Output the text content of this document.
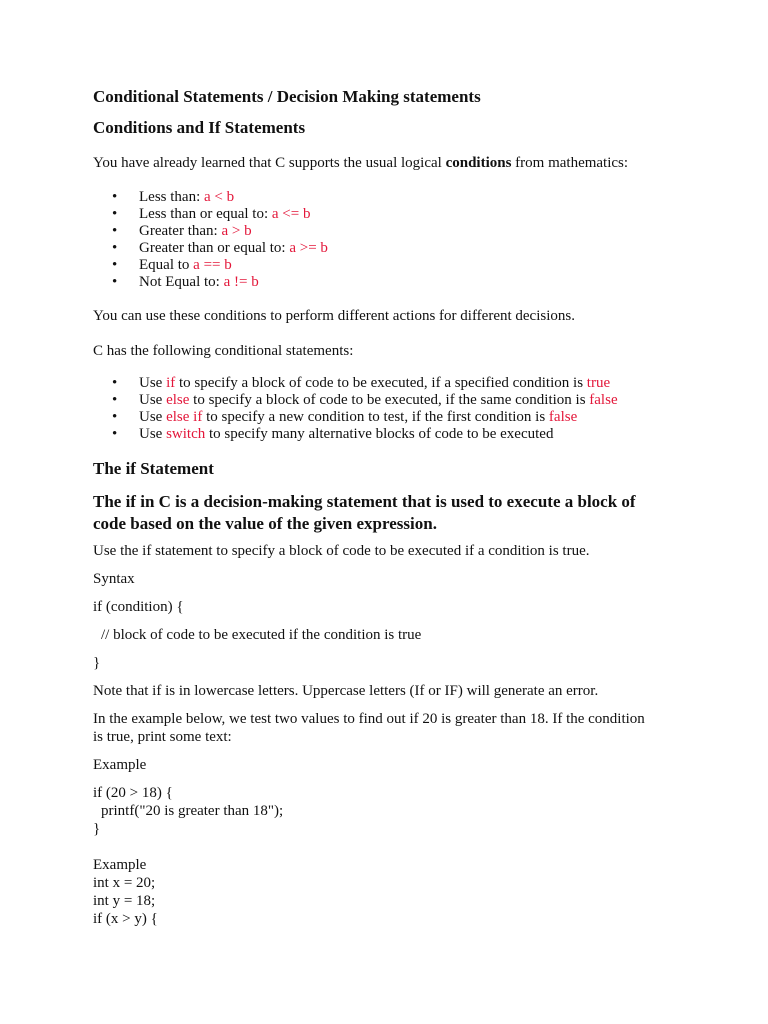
Conditional Statements / Decision Making statements
Conditions and If Statements
You have already learned that C supports the usual logical conditions from mathematics:
• Less than: a < b
• Less than or equal to: a <= b
• Greater than: a > b
• Greater than or equal to: a >= b
• Equal to a == b
• Not Equal to: a != b
You can use these conditions to perform different actions for different decisions.
C has the following conditional statements:
• Use if to specify a block of code to be executed, if a specified condition is true
• Use else to specify a block of code to be executed, if the same condition is false
• Use else if to specify a new condition to test, if the first condition is false
• Use switch to specify many alternative blocks of code to be executed
The if Statement
The if in C is a decision-making statement that is used to execute a block of
code based on the value of the given expression.
Use the if statement to specify a block of code to be executed if a condition is true.
Syntax
if (condition) {
// block of code to be executed if the condition is true
}
Note that if is in lowercase letters. Uppercase letters (If or IF) will generate an error.
In the example below, we test two values to find out if 20 is greater than 18. If the condition
is true, print some text:
Example
if (20 > 18) {
printf("20 is greater than 18");
}
Example
int x = 20;
int y = 18;
if (x > y) {
